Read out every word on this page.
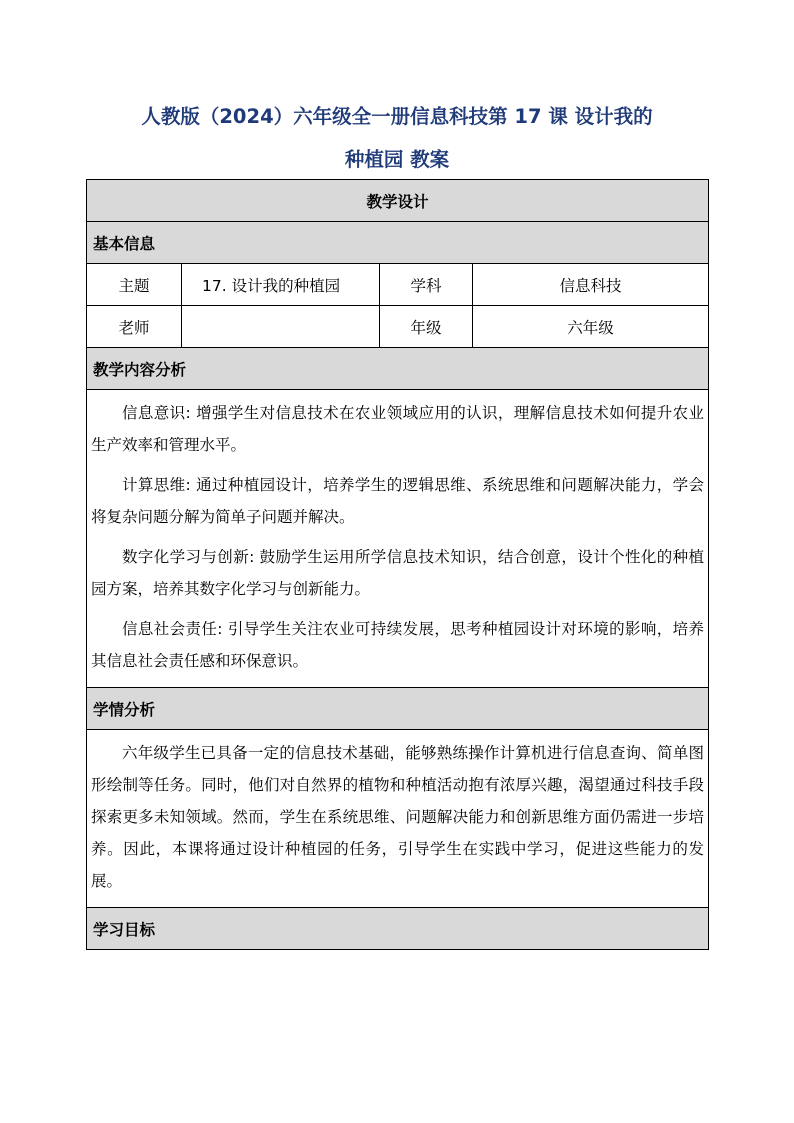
人教版（2024）六年级全一册信息科技第 17 课 设计我的
种植园 教案
教学设计			
基本信息			
主题	17. 设计我的种植园	学科	信息科技
老师		年级	六年级
教学内容分析			

信息意识: 增强学生对信息技术在农业领域应用的认识，理解信息技术如何提升农业生产效率和管理水平。

计算思维: 通过种植园设计，培养学生的逻辑思维、系统思维和问题解决能力，学会将复杂问题分解为简单子问题并解决。

数字化学习与创新: 鼓励学生运用所学信息技术知识，结合创意，设计个性化的种植园方案，培养其数字化学习与创新能力。

信息社会责任: 引导学生关注农业可持续发展，思考种植园设计对环境的影响，培养其信息社会责任感和环保意识。			

学情分析			

六年级学生已具备一定的信息技术基础，能够熟练操作计算机进行信息查询、简单图形绘制等任务。同时，他们对自然界的植物和种植活动抱有浓厚兴趣，渴望通过科技手段探索更多未知领域。然而，学生在系统思维、问题解决能力和创新思维方面仍需进一步培养。因此，本课将通过设计种植园的任务，引导学生在实践中学习，促进这些能力的发展。			

学习目标			
